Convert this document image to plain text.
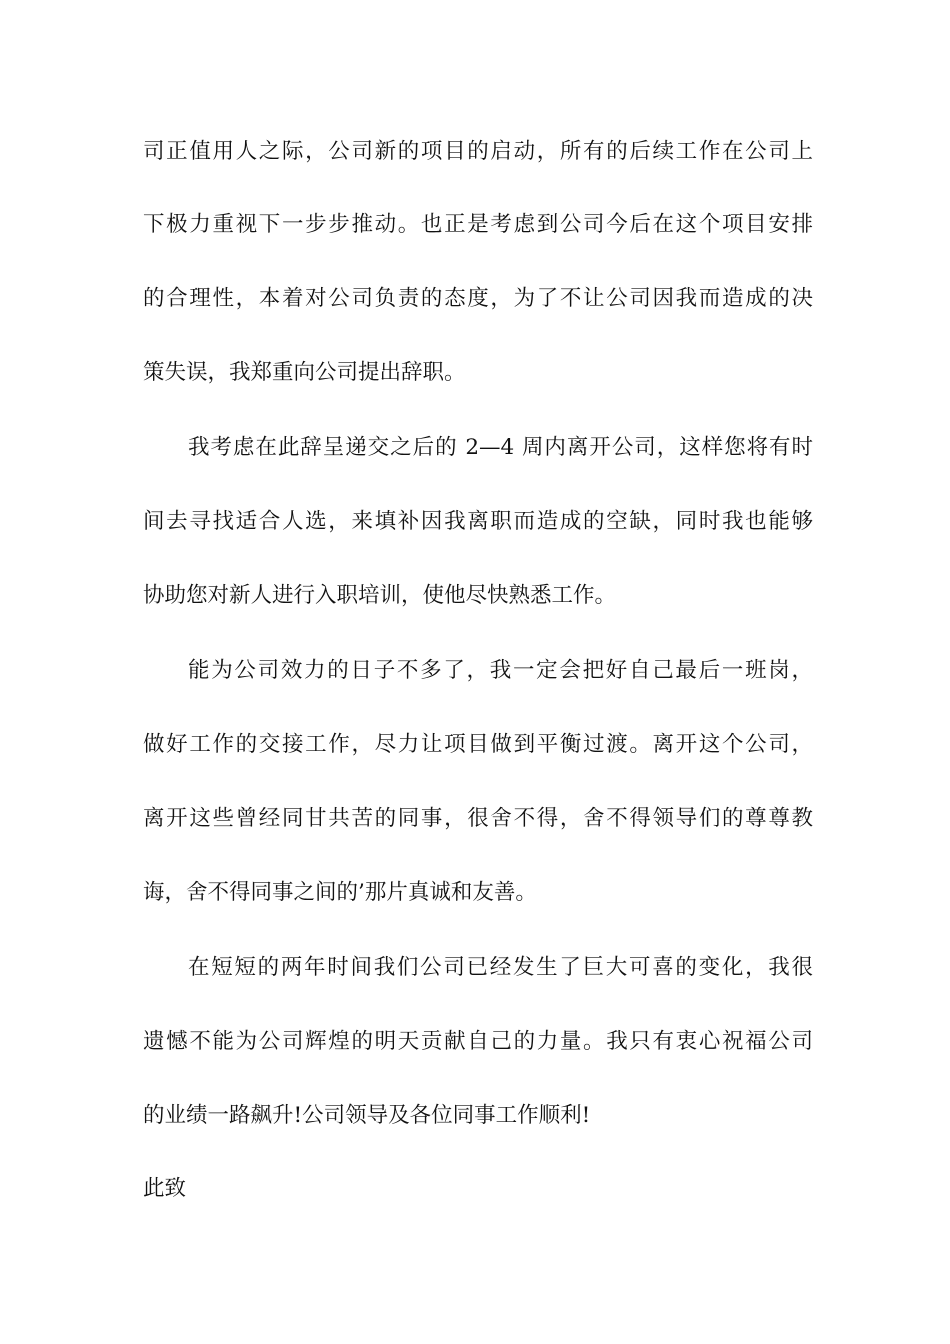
司正值用人之际，公司新的项目的启动，所有的后续工作在公司上
下极力重视下一步步推动。也正是考虑到公司今后在这个项目安排
的合理性，本着对公司负责的态度，为了不让公司因我而造成的决
策失误，我郑重向公司提出辞职。
我考虑在此辞呈递交之后的 2—4 周内离开公司，这样您将有时
间去寻找适合人选，来填补因我离职而造成的空缺，同时我也能够
协助您对新人进行入职培训，使他尽快熟悉工作。
能为公司效力的日子不多了，我一定会把好自己最后一班岗，
做好工作的交接工作，尽力让项目做到平衡过渡。离开这个公司，
离开这些曾经同甘共苦的同事，很舍不得，舍不得领导们的尊尊教
诲，舍不得同事之间的’那片真诚和友善。
在短短的两年时间我们公司已经发生了巨大可喜的变化，我很
遗憾不能为公司辉煌的明天贡献自己的力量。我只有衷心祝福公司
的业绩一路飙升!公司领导及各位同事工作顺利!
此致
